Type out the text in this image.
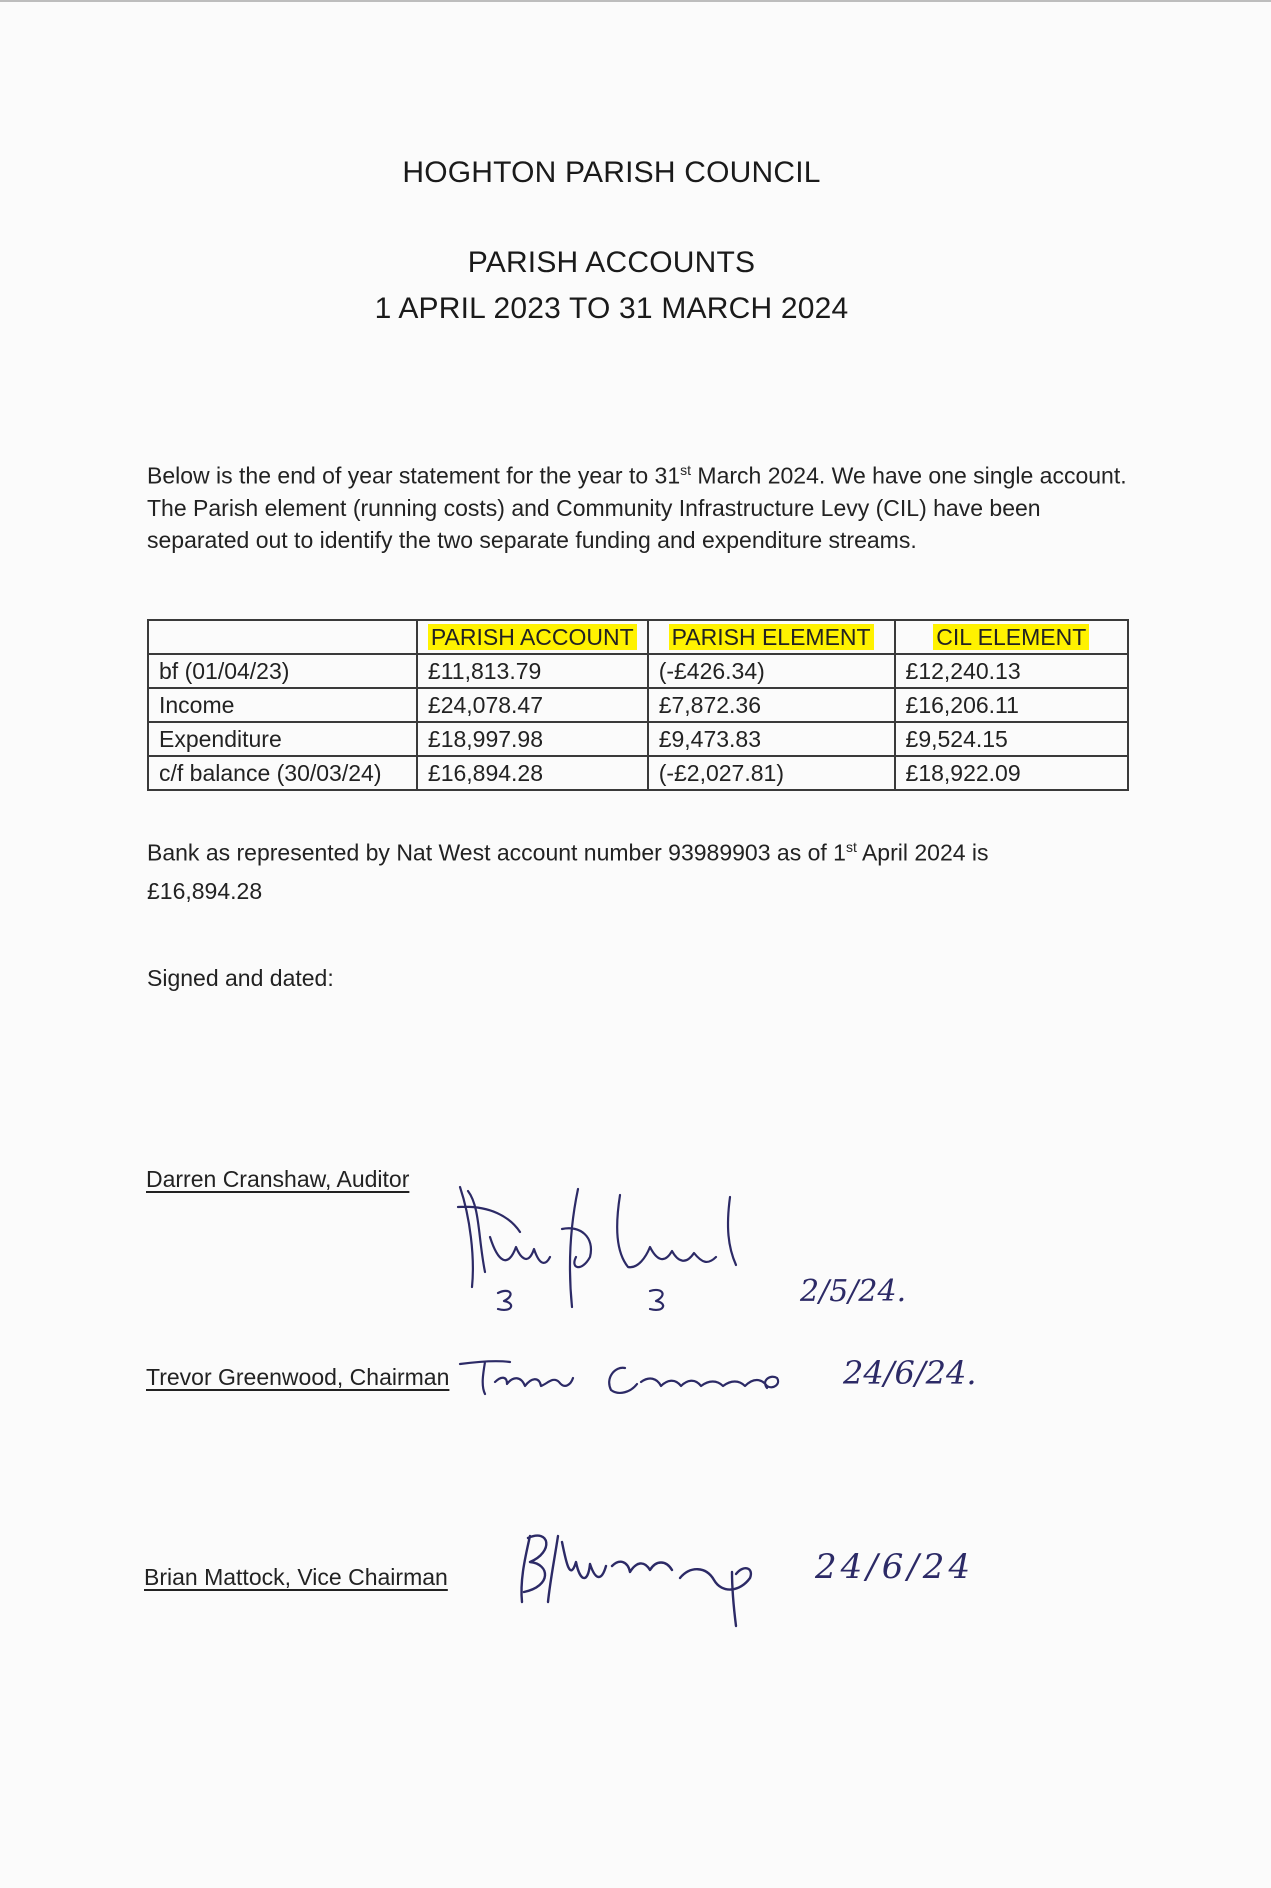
HOGHTON PARISH COUNCIL
PARISH ACCOUNTS
1 APRIL 2023 TO 31 MARCH 2024

Below is the end of year statement for the year to 31st March 2024. We have one single account. The Parish element (running costs) and Community Infrastructure Levy (CIL) have been separated out to identify the two separate funding and expenditure streams.

	PARISH ACCOUNT	PARISH ELEMENT	CIL ELEMENT
bf (01/04/23)	£11,813.79	(-£426.34)	£12,240.13
Income	£24,078.47	£7,872.36	£16,206.11
Expenditure	£18,997.98	£9,473.83	£9,524.15
c/f balance (30/03/24)	£16,894.28	(-£2,027.81)	£18,922.09

Bank as represented by Nat West account number 93989903 as of 1st April 2024 is

£16,894.28

Signed and dated:
Darren Cranshaw, Auditor
2/5/24.
Trevor Greenwood, Chairman	24/6/24.
Brian Mattock, Vice Chairman	24/6/24
